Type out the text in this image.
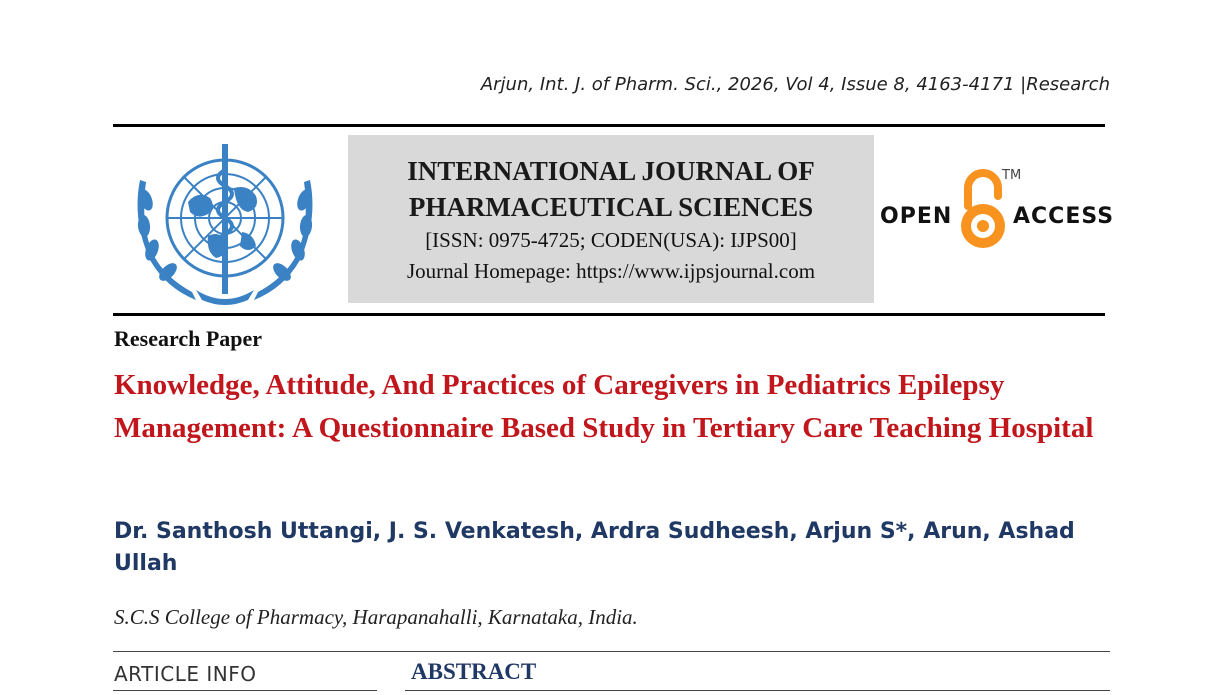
Arjun, Int. J. of Pharm. Sci., 2026, Vol 4, Issue 8, 4163-4171 |Research

INTERNATIONAL JOURNAL OF

PHARMACEUTICAL SCIENCES

[ISSN: 0975-4725; CODEN(USA): IJPS00]

Journal Homepage: https://www.ijpsjournal.com

OPEN
TM
ACCESS
Research Paper
Knowledge, Attitude, And Practices of Caregivers in Pediatrics Epilepsy Management: A Questionnaire Based Study in Tertiary Care Teaching Hospital

Dr. Santhosh Uttangi, J. S. Venkatesh, Ardra Sudheesh, Arjun S*, Arun, Ashad Ullah

S.C.S College of Pharmacy, Harapanahalli, Karnataka, India.
ARTICLE INFO	ABSTRACT
